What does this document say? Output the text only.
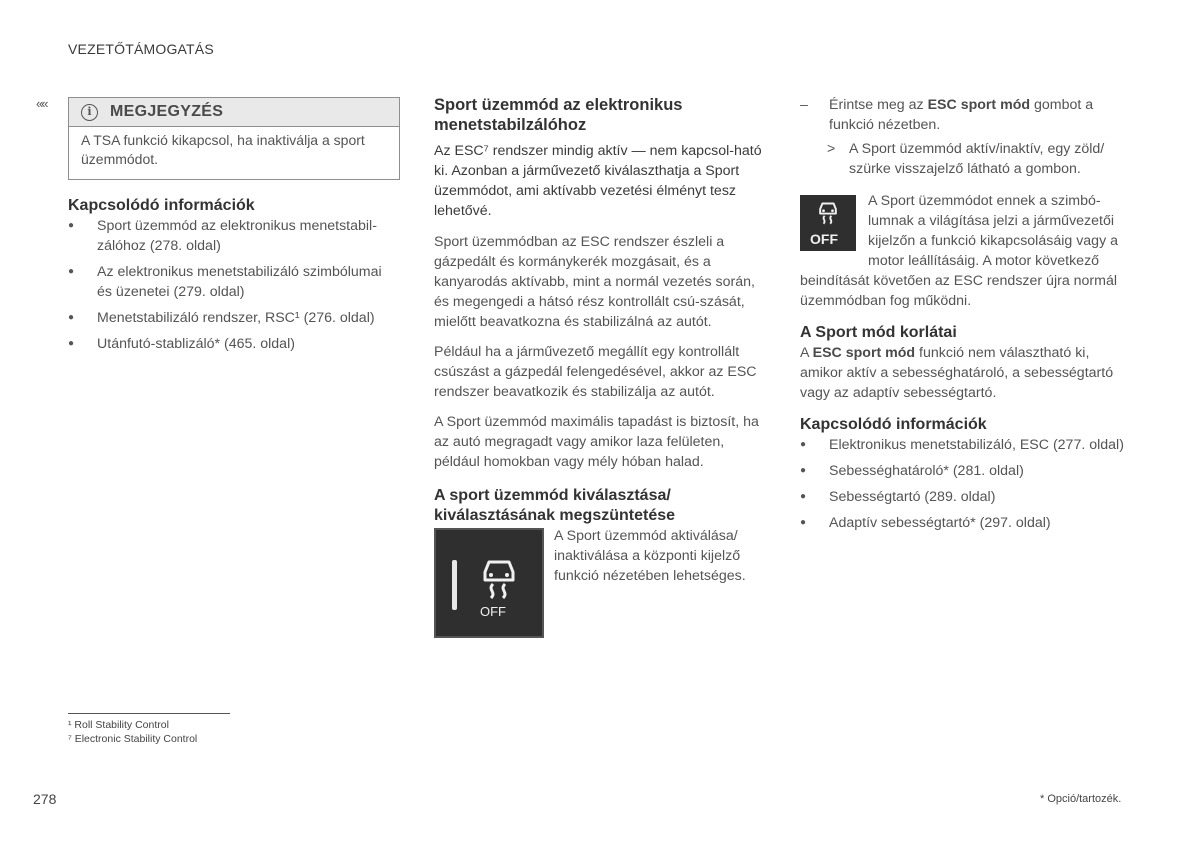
VEZETŐTÁMOGATÁS
««
i	MEGJEGYZÉS
A TSA funkció kikapcsol, ha inaktiválja a sport üzemmódot.
Kapcsolódó információk
● Sport üzemmód az elektronikus menetstabil-zálóhoz (278. oldal)
● Az elektronikus menetstabilizáló szimbólumai és üzenetei (279. oldal)
● Menetstabilizáló rendszer, RSC¹ (276. oldal)
● Utánfutó-stablizáló* (465. oldal)
Sport üzemmód az elektronikus menetstabilzálóhoz

Az ESC⁷ rendszer mindig aktív — nem kapcsol-ható ki. Azonban a járművezető kiválaszthatja a Sport üzemmódot, ami aktívabb vezetési élményt tesz lehetővé.

Sport üzemmódban az ESC rendszer észleli a gázpedált és kormánykerék mozgásait, és a kanyarodás aktívabb, mint a normál vezetés során, és megengedi a hátsó rész kontrollált csú-szását, mielőtt beavatkozna és stabilizálná az autót.

Például ha a járművezető megállít egy kontrollált csúszást a gázpedál felengedésével, akkor az ESC rendszer beavatkozik és stabilizálja az autót.

A Sport üzemmód maximális tapadást is biztosít, ha az autó megragadt vagy amikor laza felületen, például homokban vagy mély hóban halad.

A sport üzemmód kiválasztása/ kiválasztásának megszüntetése
OFF

A Sport üzemmód aktiválása/ inaktiválása a központi kijelző funkció nézetében lehetséges.

– Érintse meg az ESC sport mód gombot a funkció nézetben.
> A Sport üzemmód aktív/inaktív, egy zöld/ szürke visszajelző látható a gombon.
OFF

A Sport üzemmódot ennek a szimbó-lumnak a világítása jelzi a járművezetői kijelzőn a funkció kikapcsolásáig vagy a motor leállításáig. A motor következő beindítását követően az ESC rendszer újra normál üzemmódban fog működni.

A Sport mód korlátai

A ESC sport mód funkció nem választható ki, amikor aktív a sebességhatároló, a sebességtartó vagy az adaptív sebességtartó.

Kapcsolódó információk
● Elektronikus menetstabilizáló, ESC (277. oldal)
● Sebességhatároló* (281. oldal)
● Sebességtartó (289. oldal)
● Adaptív sebességtartó* (297. oldal)
¹ Roll Stability Control
⁷ Electronic Stability Control
278	* Opció/tartozék.
